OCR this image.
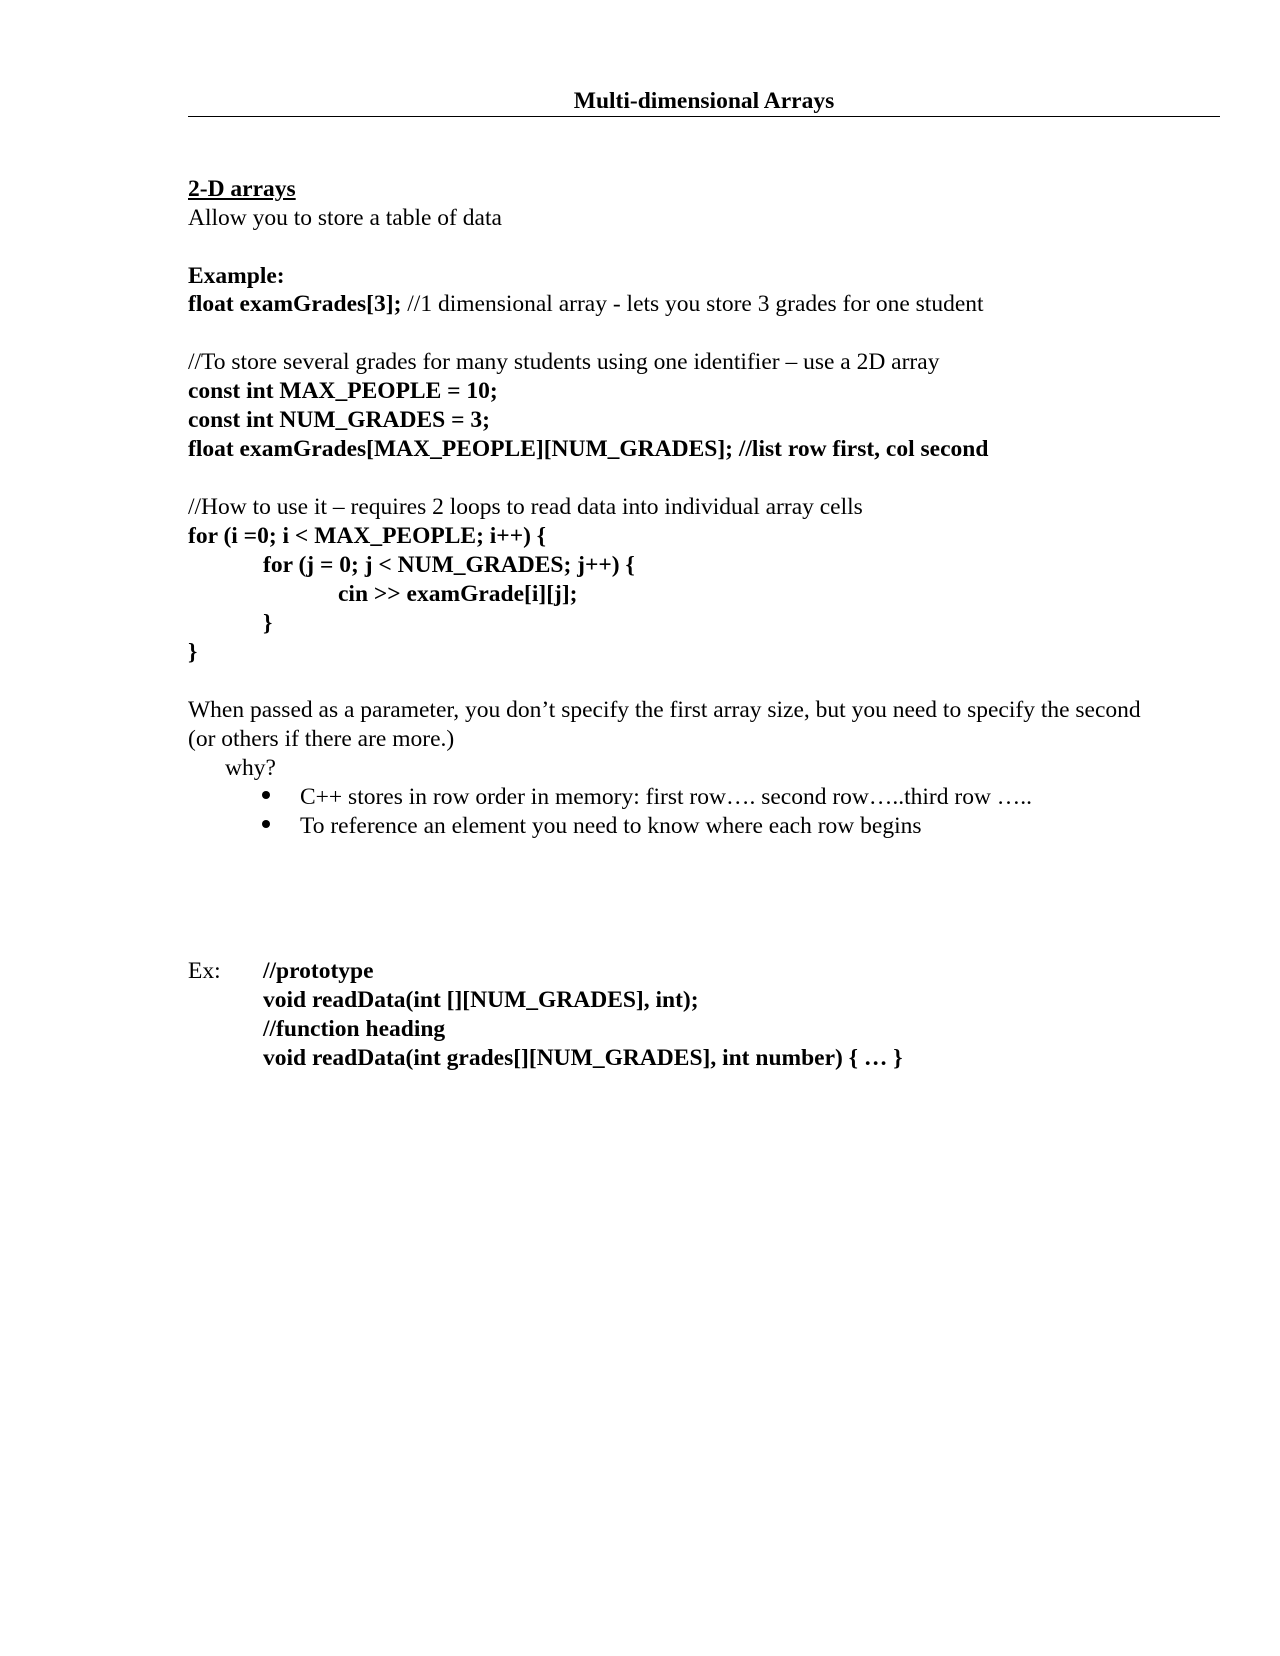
Multi-dimensional Arrays
2-D arrays
Allow you to store a table of data
Example:
float examGrades[3]; //1 dimensional array - lets you store 3 grades for one student
//To store several grades for many students using one identifier – use a 2D array
const int MAX_PEOPLE = 10;
const int NUM_GRADES = 3;
float examGrades[MAX_PEOPLE][NUM_GRADES]; //list row first, col second
//How to use it – requires 2 loops to read data into individual array cells
for (i =0; i < MAX_PEOPLE; i++) {
for (j = 0; j < NUM_GRADES; j++) {
cin >> examGrade[i][j];
}
}
When passed as a parameter, you don’t specify the first array size, but you need to specify the second
(or others if there are more.)
why?
C++ stores in row order in memory: first row…. second row…..third row …..
To reference an element you need to know where each row begins
Ex: //prototype
void readData(int [][NUM_GRADES], int);
//function heading
void readData(int grades[][NUM_GRADES], int number) { … }
